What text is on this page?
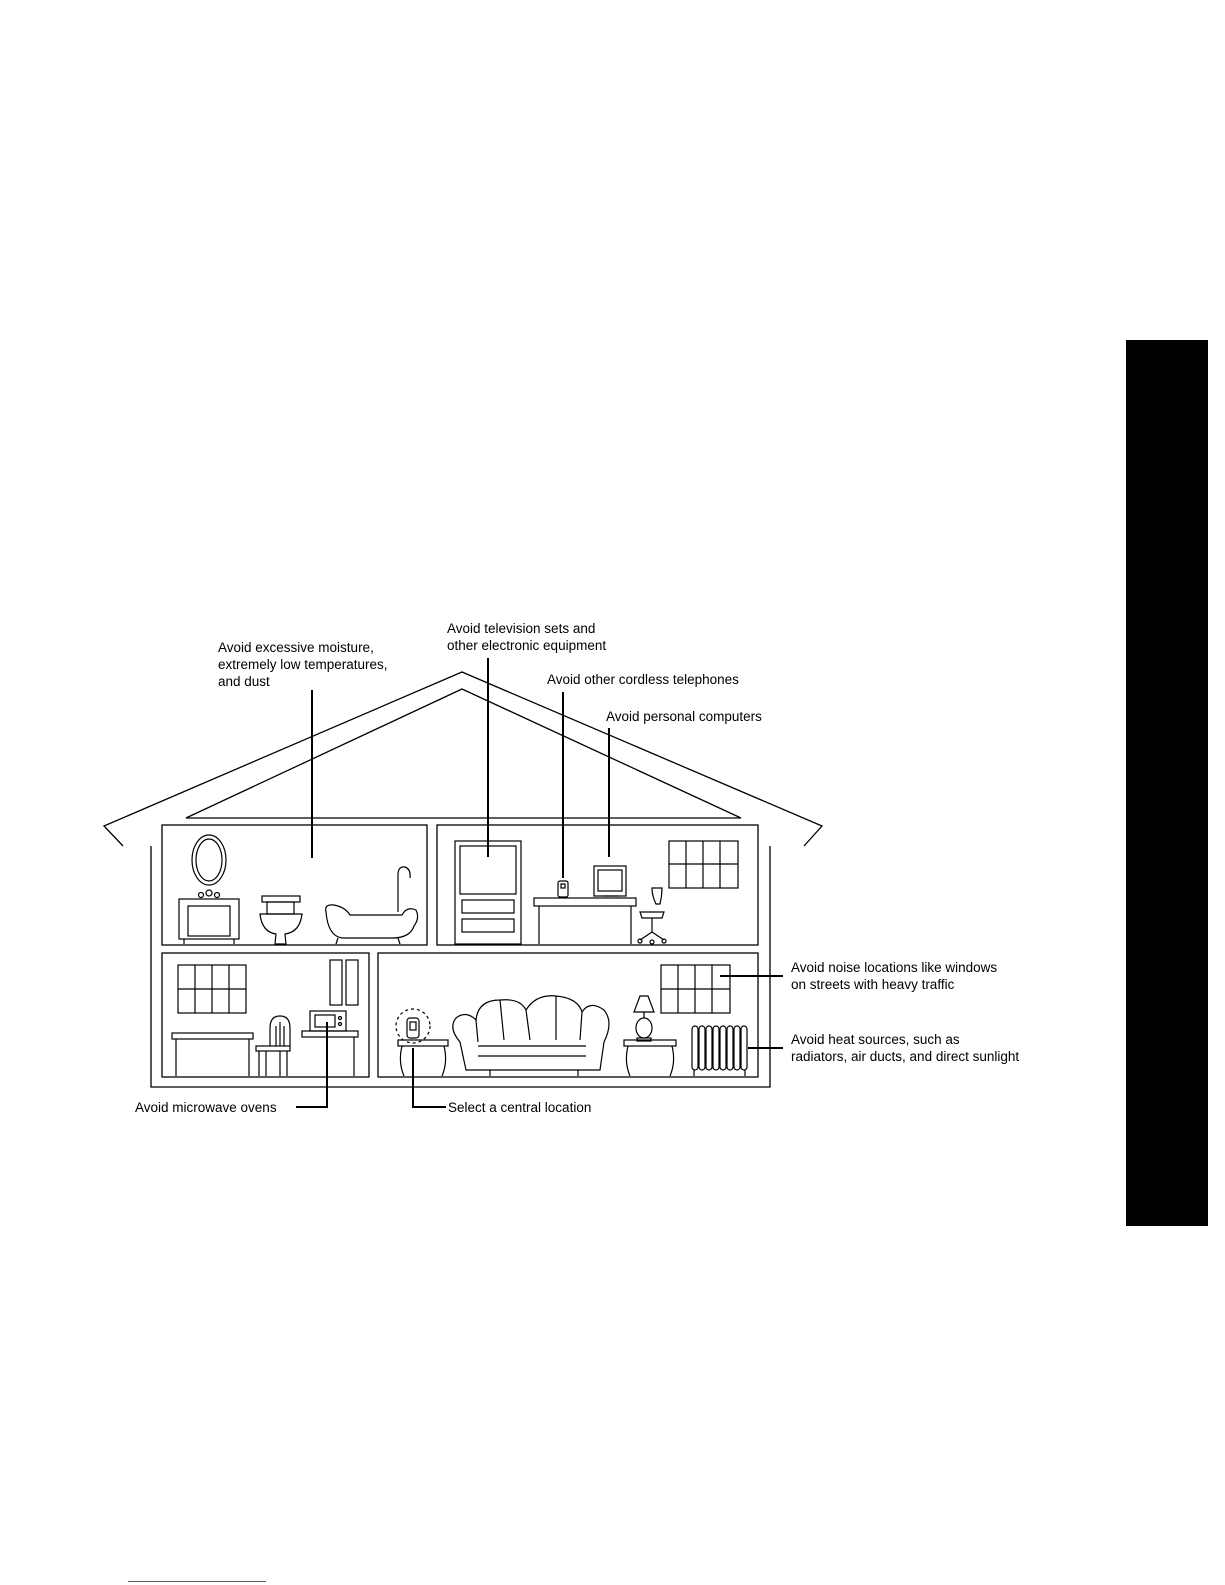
Avoid excessive moisture, extremely low temperatures, and dust
Avoid television sets and other electronic equipment
Avoid other cordless telephones
Avoid personal computers
Avoid noise locations like windows on streets with heavy traffic
Avoid heat sources, such as radiators, air ducts, and direct sunlight
Avoid microwave ovens	Select a central location
